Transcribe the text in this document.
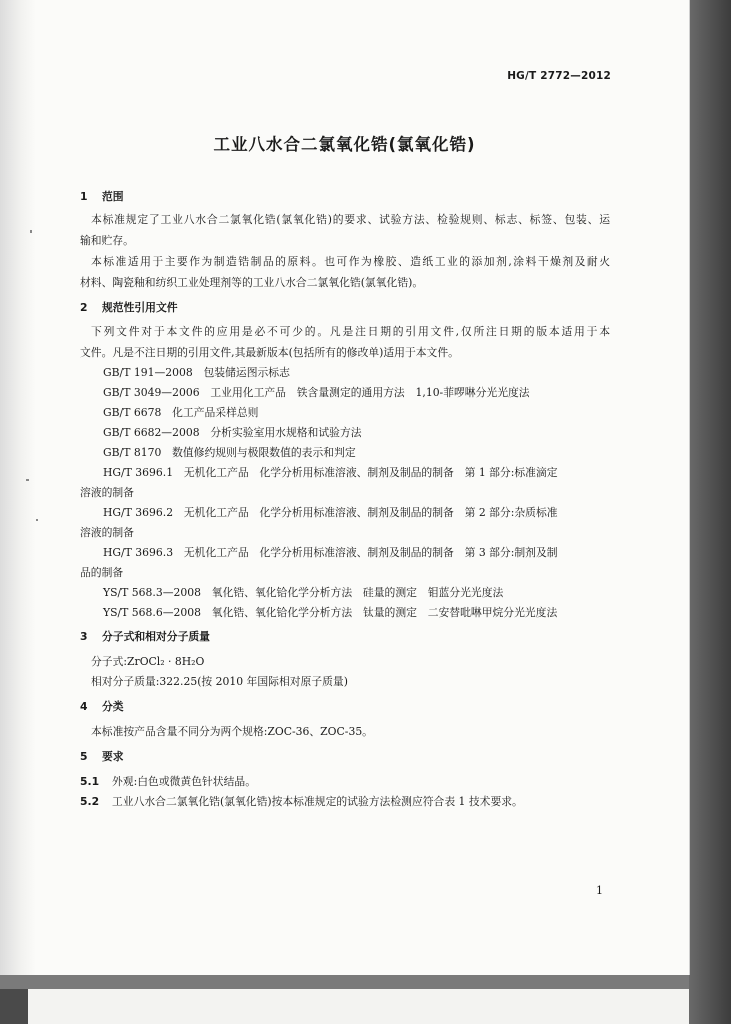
HG/T 2772—2012
工业八水合二氯氧化锆(氯氧化锆)
1 范围
本标准规定了工业八水合二氯氧化锆(氯氧化锆)的要求、试验方法、检验规则、标志、标签、包装、运
输和贮存。
本标准适用于主要作为制造锆制品的原料。也可作为橡胶、造纸工业的添加剂,涂料干燥剂及耐火
材料、陶瓷釉和纺织工业处理剂等的工业八水合二氯氧化锆(氯氧化锆)。
2 规范性引用文件
下列文件对于本文件的应用是必不可少的。凡是注日期的引用文件,仅所注日期的版本适用于本
文件。凡是不注日期的引用文件,其最新版本(包括所有的修改单)适用于本文件。
GB/T 191—2008　包装储运图示标志
GB/T 3049—2006　工业用化工产品　铁含量测定的通用方法　1,10-菲啰啉分光光度法
GB/T 6678　化工产品采样总则
GB/T 6682—2008　分析实验室用水规格和试验方法
GB/T 8170　数值修约规则与极限数值的表示和判定
HG/T 3696.1　无机化工产品　化学分析用标准溶液、制剂及制品的制备　第 1 部分:标准滴定
溶液的制备
HG/T 3696.2　无机化工产品　化学分析用标准溶液、制剂及制品的制备　第 2 部分:杂质标准
溶液的制备
HG/T 3696.3　无机化工产品　化学分析用标准溶液、制剂及制品的制备　第 3 部分:制剂及制
品的制备
YS/T 568.3—2008　氧化锆、氧化铪化学分析方法　硅量的测定　钼蓝分光光度法
YS/T 568.6—2008　氧化锆、氧化铪化学分析方法　钛量的测定　二安替吡啉甲烷分光光度法
3 分子式和相对分子质量
分子式:ZrOCl₂ · 8H₂O
相对分子质量:322.25(按 2010 年国际相对原子质量)
4 分类
本标准按产品含量不同分为两个规格:ZOC-36、ZOC-35。
5 要求
5.1 外观:白色或微黄色针状结晶。
5.2 工业八水合二氯氧化锆(氯氧化锆)按本标准规定的试验方法检测应符合表 1 技术要求。
1
